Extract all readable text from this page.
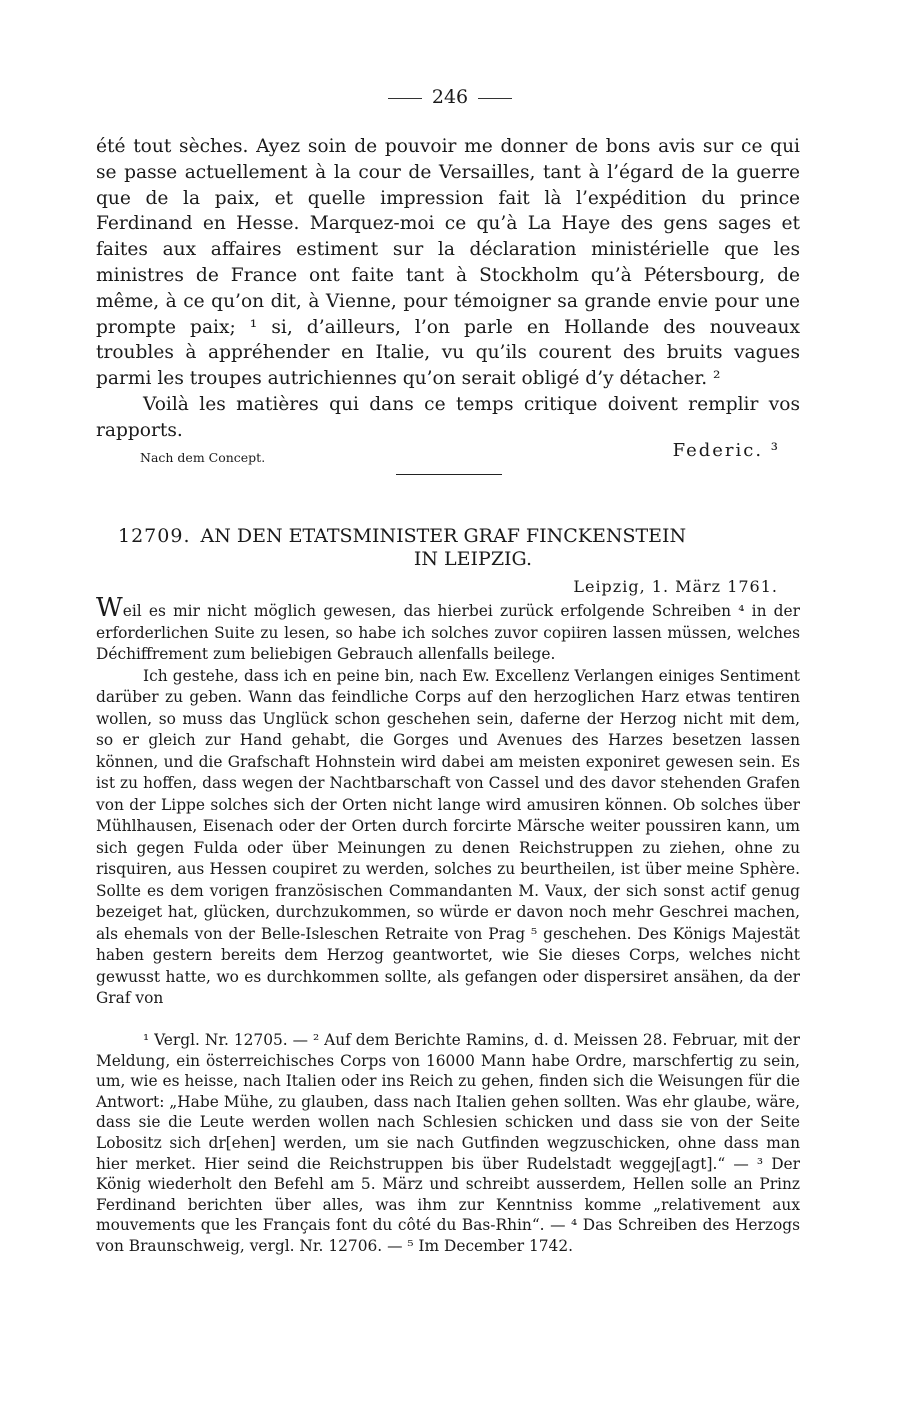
246

été tout sèches. Ayez soin de pouvoir me donner de bons avis sur ce qui se passe actuellement à la cour de Versailles, tant à l’égard de la guerre que de la paix, et quelle impression fait là l’expédition du prince Ferdinand en Hesse. Marquez-moi ce qu’à La Haye des gens sages et faites aux affaires estiment sur la déclaration ministérielle que les ministres de France ont faite tant à Stockholm qu’à Pétersbourg, de même, à ce qu’on dit, à Vienne, pour témoigner sa grande envie pour une prompte paix; ¹ si, d’ailleurs, l’on parle en Hollande des nouveaux troubles à appréhender en Italie, vu qu’ils courent des bruits vagues parmi les troupes autrichiennes qu’on serait obligé d’y détacher. ²

Voilà les matières qui dans ce temps critique doivent remplir vos rapports.

Nach dem Concept.	Federic. ³
12709. AN DEN ETATSMINISTER GRAF FINCKENSTEIN
IN LEIPZIG.
Leipzig, 1. März 1761.

Weil es mir nicht möglich gewesen, das hierbei zurück erfolgende Schreiben ⁴ in der erforderlichen Suite zu lesen, so habe ich solches zuvor copiiren lassen müssen, welches Déchiffrement zum beliebigen Gebrauch allenfalls beilege.

Ich gestehe, dass ich en peine bin, nach Ew. Excellenz Verlangen einiges Sentiment darüber zu geben. Wann das feindliche Corps auf den herzoglichen Harz etwas tentiren wollen, so muss das Unglück schon geschehen sein, daferne der Herzog nicht mit dem, so er gleich zur Hand gehabt, die Gorges und Avenues des Harzes besetzen lassen können, und die Grafschaft Hohnstein wird dabei am meisten exponiret gewesen sein. Es ist zu hoffen, dass wegen der Nachtbarschaft von Cassel und des davor stehenden Grafen von der Lippe solches sich der Orten nicht lange wird amusiren können. Ob solches über Mühlhausen, Eisenach oder der Orten durch forcirte Märsche weiter poussiren kann, um sich gegen Fulda oder über Meinungen zu denen Reichstruppen zu ziehen, ohne zu risquiren, aus Hessen coupiret zu werden, solches zu beurtheilen, ist über meine Sphère. Sollte es dem vorigen französischen Commandanten M. Vaux, der sich sonst actif genug bezeiget hat, glücken, durchzukommen, so würde er davon noch mehr Geschrei machen, als ehemals von der Belle-Isleschen Retraite von Prag ⁵ geschehen. Des Königs Majestät haben gestern bereits dem Herzog geantwortet, wie Sie dieses Corps, welches nicht gewusst hatte, wo es durchkommen sollte, als gefangen oder dispersiret ansähen, da der Graf von

¹ Vergl. Nr. 12705. — ² Auf dem Berichte Ramins, d. d. Meissen 28. Februar, mit der Meldung, ein österreichisches Corps von 16000 Mann habe Ordre, marschfertig zu sein, um, wie es heisse, nach Italien oder ins Reich zu gehen, finden sich die Weisungen für die Antwort: „Habe Mühe, zu glauben, dass nach Italien gehen sollten. Was ehr glaube, wäre, dass sie die Leute werden wollen nach Schlesien schicken und dass sie von der Seite Lobositz sich dr[ehen] werden, um sie nach Gutfinden wegzuschicken, ohne dass man hier merket. Hier seind die Reichstruppen bis über Rudelstadt weggej[agt].“ — ³ Der König wiederholt den Befehl am 5. März und schreibt ausserdem, Hellen solle an Prinz Ferdinand berichten über alles, was ihm zur Kenntniss komme „relativement aux mouvements que les Français font du côté du Bas-Rhin“. — ⁴ Das Schreiben des Herzogs von Braunschweig, vergl. Nr. 12706. — ⁵ Im December 1742.
